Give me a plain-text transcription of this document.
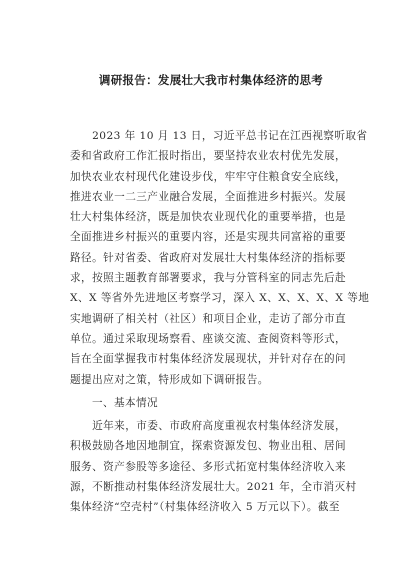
调研报告：发展壮大我市村集体经济的思考
　　2023 年 10 月 13 日，习近平总书记在江西视察听取省
委和省政府工作汇报时指出，要坚持农业农村优先发展，
加快农业农村现代化建设步伐，牢牢守住粮食安全底线，
推进农业一二三产业融合发展，全面推进乡村振兴。发展
壮大村集体经济，既是加快农业现代化的重要举措，也是
全面推进乡村振兴的重要内容，还是实现共同富裕的重要
路径。针对省委、省政府对发展壮大村集体经济的指标要
求，按照主题教育部署要求，我与分管科室的同志先后赴
X、X 等省外先进地区考察学习，深入 X、X、X、X、X 等地
实地调研了相关村（社区）和项目企业，走访了部分市直
单位。通过采取现场察看、座谈交流、查阅资料等形式，
旨在全面掌握我市村集体经济发展现状，并针对存在的问
题提出应对之策，特形成如下调研报告。
　　一、基本情况
　　近年来，市委、市政府高度重视农村集体经济发展，
积极鼓励各地因地制宜，探索资源发包、物业出租、居间
服务、资产参股等多途径、多形式拓宽村集体经济收入来
源，不断推动村集体经济发展壮大。2021 年，全市消灭村
集体经济“空壳村”（村集体经济收入 5 万元以下）。截至
